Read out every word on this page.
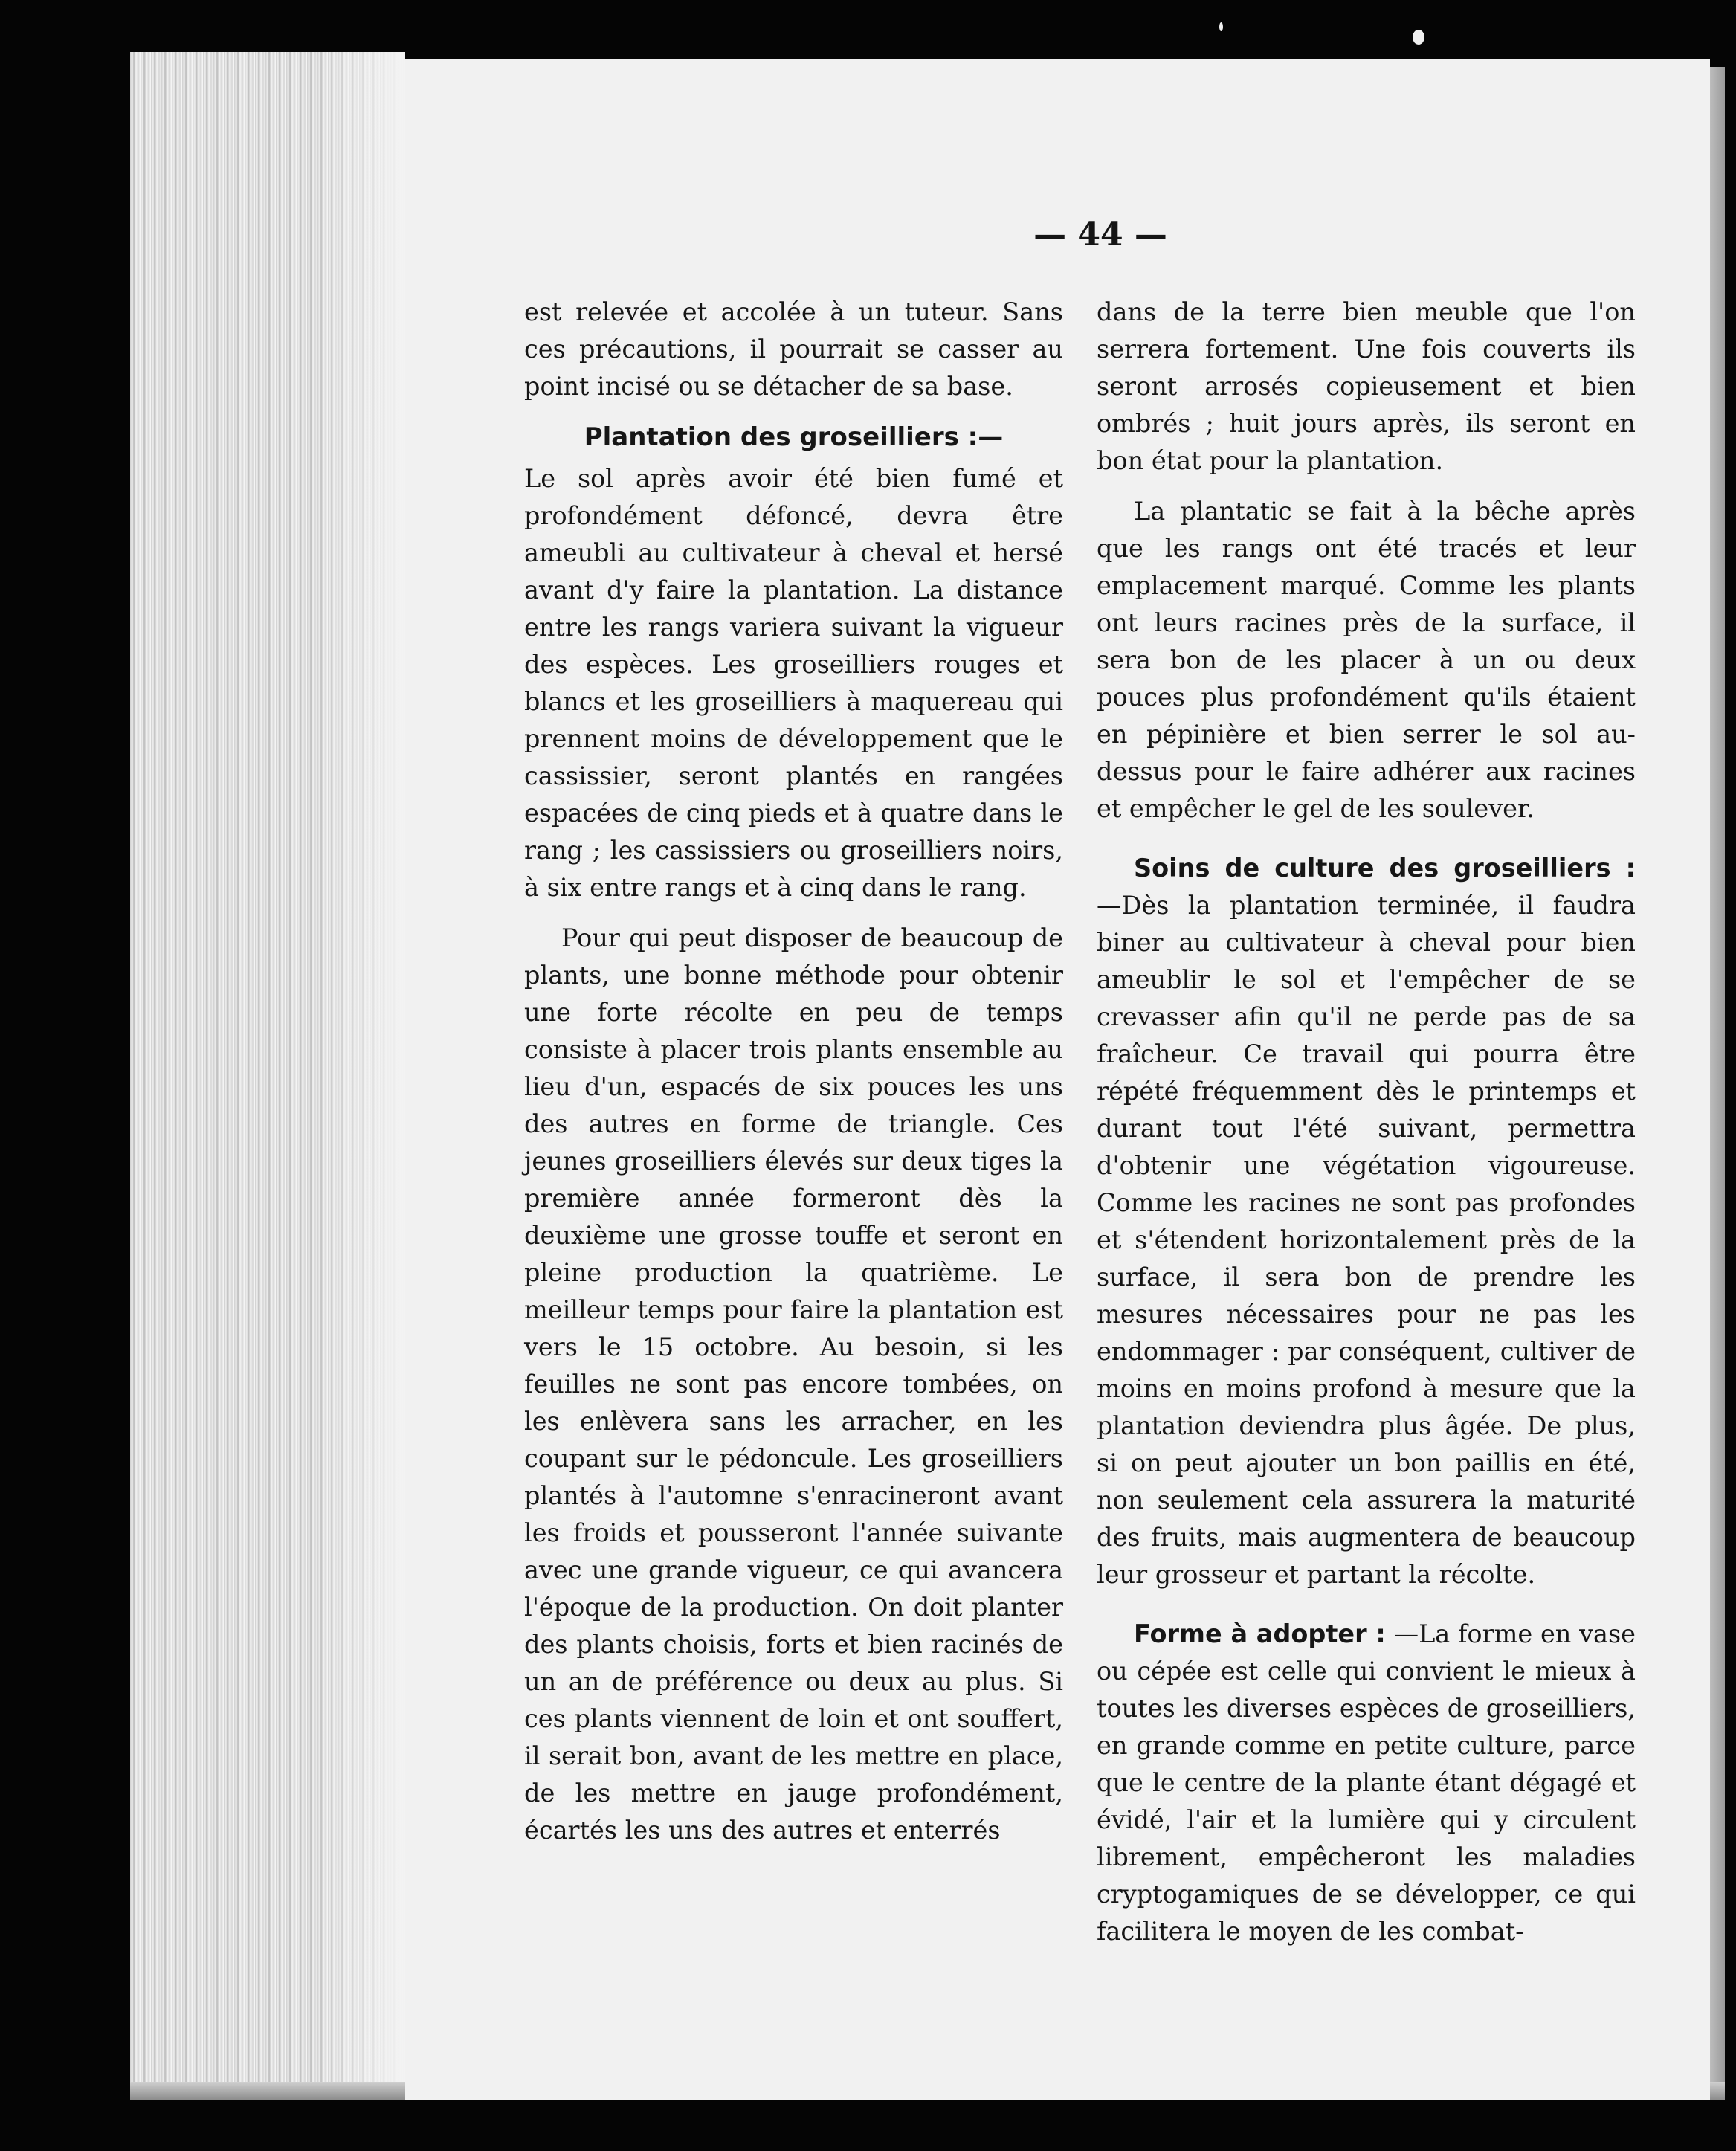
— 44 —

est relevée et accolée à un tuteur. Sans ces précautions, il pourrait se casser au point incisé ou se détacher de sa base.

Plantation des groseilliers :—

Le sol après avoir été bien fumé et profondément défoncé, devra être ameubli au cultivateur à cheval et hersé avant d'y faire la plantation. La distance entre les rangs variera suivant la vigueur des espèces. Les groseilliers rouges et blancs et les groseilliers à maquereau qui prennent moins de développement que le cassissier, seront plantés en rangées espacées de cinq pieds et à quatre dans le rang ; les cassissiers ou groseilliers noirs, à six entre rangs et à cinq dans le rang.

Pour qui peut disposer de beaucoup de plants, une bonne méthode pour obtenir une forte récolte en peu de temps consiste à placer trois plants ensemble au lieu d'un, espacés de six pouces les uns des autres en forme de triangle. Ces jeunes groseilliers élevés sur deux tiges la première année formeront dès la deuxième une grosse touffe et seront en pleine production la quatrième. Le meilleur temps pour faire la plantation est vers le 15 octobre. Au besoin, si les feuilles ne sont pas encore tombées, on les enlèvera sans les arracher, en les coupant sur le pédoncule. Les groseilliers plantés à l'automne s'enracineront avant les froids et pousseront l'année suivante avec une grande vigueur, ce qui avancera l'époque de la production. On doit planter des plants choisis, forts et bien racinés de un an de préférence ou deux au plus. Si ces plants viennent de loin et ont souffert, il serait bon, avant de les mettre en place, de les mettre en jauge profondément, écartés les uns des autres et enterrés

dans de la terre bien meuble que l'on serrera fortement. Une fois couverts ils seront arrosés copieusement et bien ombrés ; huit jours après, ils seront en bon état pour la plantation.

La plantatic se fait à la bêche après que les rangs ont été tracés et leur emplacement marqué. Comme les plants ont leurs racines près de la surface, il sera bon de les placer à un ou deux pouces plus profondément qu'ils étaient en pépinière et bien serrer le sol au-dessus pour le faire adhérer aux racines et empêcher le gel de les soulever.

Soins de culture des groseilliers : —Dès la plantation terminée, il faudra biner au cultivateur à cheval pour bien ameublir le sol et l'empêcher de se crevasser afin qu'il ne perde pas de sa fraîcheur. Ce travail qui pourra être répété fréquemment dès le printemps et durant tout l'été suivant, permettra d'obtenir une végétation vigoureuse. Comme les racines ne sont pas profondes et s'étendent horizontalement près de la surface, il sera bon de prendre les mesures nécessaires pour ne pas les endommager : par conséquent, cultiver de moins en moins profond à mesure que la plantation deviendra plus âgée. De plus, si on peut ajouter un bon paillis en été, non seulement cela assurera la maturité des fruits, mais augmentera de beaucoup leur grosseur et partant la récolte.

Forme à adopter : —La forme en vase ou cépée est celle qui convient le mieux à toutes les diverses espèces de groseilliers, en grande comme en petite culture, parce que le centre de la plante étant dégagé et évidé, l'air et la lumière qui y circulent librement, empêcheront les maladies cryptogamiques de se développer, ce qui facilitera le moyen de les combat-
